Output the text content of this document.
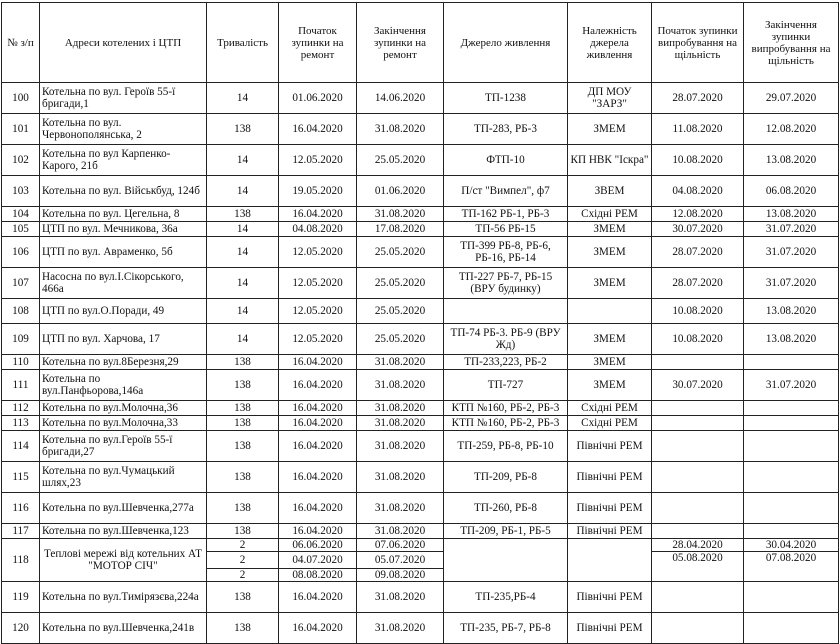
№ з/п	Адреси котелених і ЦТП	Тривалість	Початок зупинки на ремонт	Закінчення зупинки на ремонт	Джерело живлення	Належність джерела живлення	Початок зупинки випробування на щільність	Закінчення зупинки випробування на щільність
100	Котельна по вул. Героїв 55-ї бригади,1	14	01.06.2020	14.06.2020	ТП-1238	ДП МОУ "ЗАРЗ"	28.07.2020	29.07.2020
101	Котельна по вул. Червонополянська, 2	138	16.04.2020	31.08.2020	ТП-283, РБ-3	ЗМЕМ	11.08.2020	12.08.2020
102	Котельна по вул Карпенко-Карого, 21б	14	12.05.2020	25.05.2020	ФТП-10	КП НВК "Іскра"	10.08.2020	13.08.2020
103	Котельна по вул. Військбуд, 124б	14	19.05.2020	01.06.2020	П/ст "Вимпел", ф7	ЗВЕМ	04.08.2020	06.08.2020
104	Котельна по вул. Цегельна, 8	138	16.04.2020	31.08.2020	ТП-162 РБ-1, РБ-3	Східні РЕМ	12.08.2020	13.08.2020
105	ЦТП по вул. Мечникова, 36а	14	04.08.2020	17.08.2020	ТП-56 РБ-15	ЗМЕМ	30.07.2020	31.07.2020
106	ЦТП по вул. Авраменко, 5б	14	12.05.2020	25.05.2020	ТП-399 РБ-8, РБ-6, РБ-16, РБ-14	ЗМЕМ	28.07.2020	31.07.2020
107	Насосна по вул.І.Сікорського, 466а	14	12.05.2020	25.05.2020	ТП-227 РБ-7, РБ-15 (ВРУ будинку)	ЗМЕМ	28.07.2020	31.07.2020
108	ЦТП по вул.О.Поради, 49	14	12.05.2020	25.05.2020			10.08.2020	13.08.2020
109	ЦТП по вул. Харчова, 17	14	12.05.2020	25.05.2020	ТП-74 РБ-3. РБ-9 (ВРУ Жд)	ЗМЕМ	10.08.2020	13.08.2020
110	Котельна по вул.8Березня,29	138	16.04.2020	31.08.2020	ТП-233,223, РБ-2	ЗМЕМ		
111	Котельна по вул.Панфьорова,146а	138	16.04.2020	31.08.2020	ТП-727	ЗМЕМ	30.07.2020	31.07.2020
112	Котельна по вул.Молочна,36	138	16.04.2020	31.08.2020	КТП №160, РБ-2, РБ-3	Східні РЕМ		
113	Котельна по вул.Молочна,33	138	16.04.2020	31.08.2020	КТП №160, РБ-2, РБ-3	Східні РЕМ		
114	Котельна по вул.Героїв 55-ї бригади,27	138	16.04.2020	31.08.2020	ТП-259, РБ-8, РБ-10	Північні РЕМ		
115	Котельна по вул.Чумацький шлях,23	138	16.04.2020	31.08.2020	ТП-209, РБ-8	Північні РЕМ		
116	Котельна по вул.Шевченка,277а	138	16.04.2020	31.08.2020	ТП-260, РБ-8	Північні РЕМ		
117	Котельна по вул.Шевченка,123	138	16.04.2020	31.08.2020	ТП-209, РБ-1, РБ-5	Північні РЕМ		
118	Теплові мережі від котельних АТ "МОТОР СІЧ"	2	06.06.2020	07.06.2020			28.04.2020	30.04.2020
		2	04.07.2020	05.07.2020			05.08.2020	07.08.2020
		2	08.08.2020	09.08.2020				
119	Котельна по вул.Тимірязєва,224а	138	16.04.2020	31.08.2020	ТП-235,РБ-4	Північні РЕМ		
120	Котельна по вул.Шевченка,241в	138	16.04.2020	31.08.2020	ТП-235, РБ-7, РБ-8	Північні РЕМ		
